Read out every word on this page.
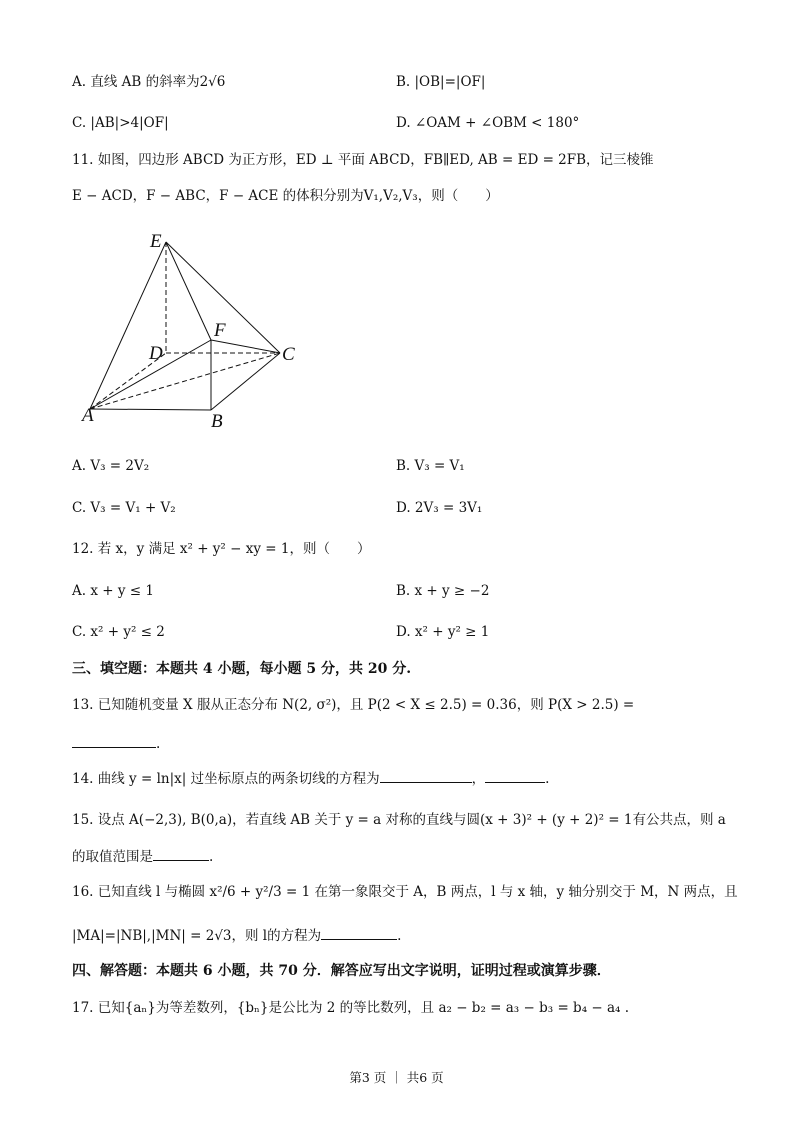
A. 直线 AB 的斜率为2√6	B. |OB|=|OF|
C. |AB|>4|OF|	D. ∠OAM + ∠OBM < 180°
11. 如图，四边形 ABCD 为正方形，ED ⊥ 平面 ABCD，FB∥ED, AB = ED = 2FB，记三棱锥
E − ACD，F − ABC，F − ACE 的体积分别为V₁,V₂,V₃，则（　　）
E
F
D	C
A	B
A. V₃ = 2V₂	B. V₃ = V₁
C. V₃ = V₁ + V₂	D. 2V₃ = 3V₁
12. 若 x，y 满足 x² + y² − xy = 1，则（　　）
A. x + y ≤ 1	B. x + y ≥ −2
C. x² + y² ≤ 2	D. x² + y² ≥ 1
三、填空题：本题共 4 小题，每小题 5 分，共 20 分.
13. 已知随机变量 X 服从正态分布 N(2, σ²)，且 P(2 < X ≤ 2.5) = 0.36，则 P(X > 2.5) =
.
14. 曲线 y = ln|x| 过坐标原点的两条切线的方程为	，	.
15. 设点 A(−2,3), B(0,a)，若直线 AB 关于 y = a 对称的直线与圆(x + 3)² + (y + 2)² = 1有公共点，则 a
的取值范围是	.
16. 已知直线 l 与椭圆 x²/6 + y²/3 = 1 在第一象限交于 A，B 两点，l 与 x 轴，y 轴分别交于 M，N 两点，且
|MA|=|NB|,|MN| = 2√3，则 l的方程为	.
四、解答题：本题共 6 小题，共 70 分．解答应写出文字说明，证明过程或演算步骤．
17. 已知{aₙ}为等差数列，{bₙ}是公比为 2 的等比数列，且 a₂ − b₂ = a₃ − b₃ = b₄ − a₄ .
第3 页 ｜ 共6 页
